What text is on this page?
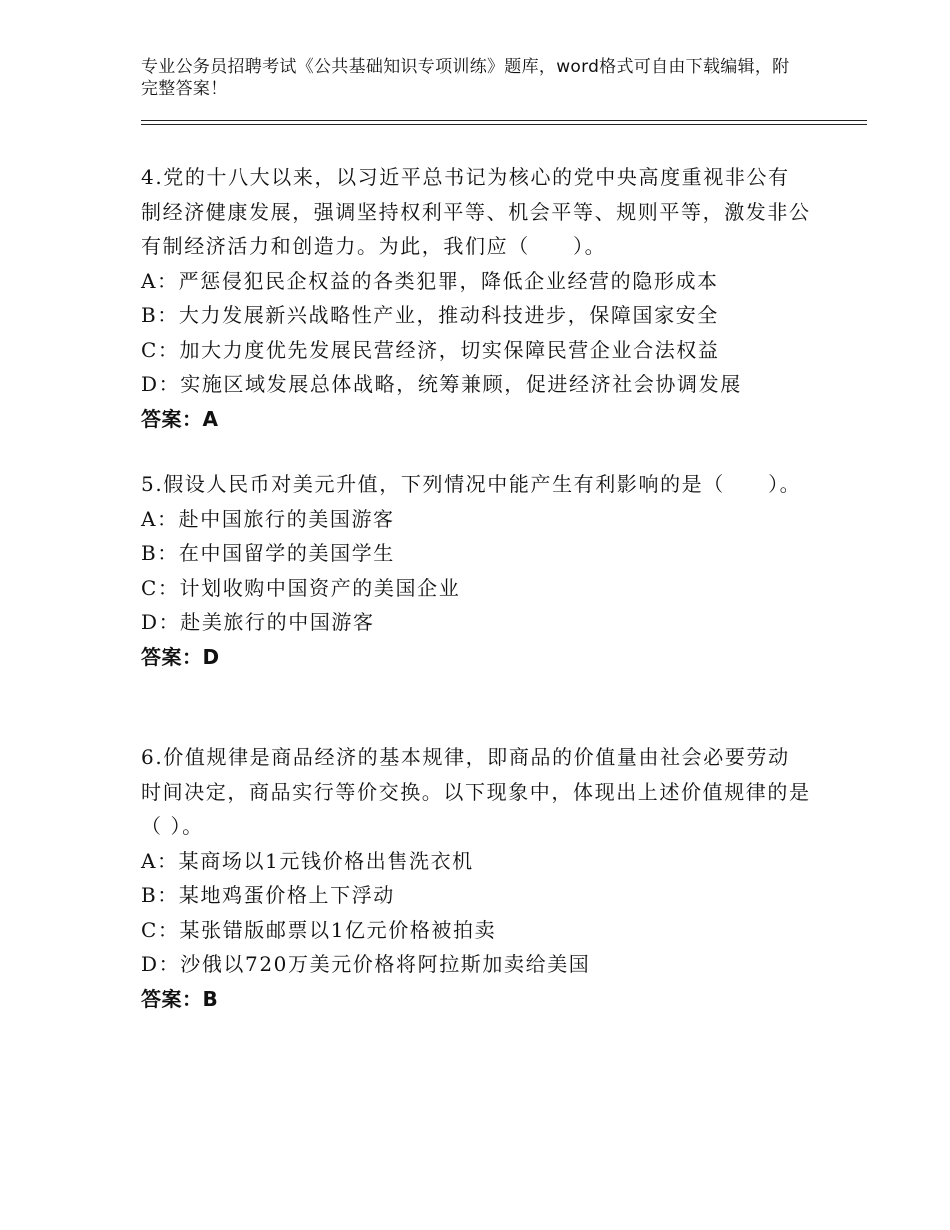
专业公务员招聘考试《公共基础知识专项训练》题库，word格式可自由下载编辑，附完整答案！
4.党的十八大以来，以习近平总书记为核心的党中央高度重视非公有制经济健康发展，强调坚持权利平等、机会平等、规则平等，激发非公有制经济活力和创造力。为此，我们应（　　）。
A：严惩侵犯民企权益的各类犯罪，降低企业经营的隐形成本
B：大力发展新兴战略性产业，推动科技进步，保障国家安全
C：加大力度优先发展民营经济，切实保障民营企业合法权益
D：实施区域发展总体战略，统筹兼顾，促进经济社会协调发展
答案：A
5.假设人民币对美元升值，下列情况中能产生有利影响的是（　　）。
A：赴中国旅行的美国游客
B：在中国留学的美国学生
C：计划收购中国资产的美国企业
D：赴美旅行的中国游客
答案：D
6.价值规律是商品经济的基本规律，即商品的价值量由社会必要劳动时间决定，商品实行等价交换。以下现象中，体现出上述价值规律的是（ ）。
A：某商场以1元钱价格出售洗衣机
B：某地鸡蛋价格上下浮动
C：某张错版邮票以1亿元价格被拍卖
D：沙俄以720万美元价格将阿拉斯加卖给美国
答案：B
